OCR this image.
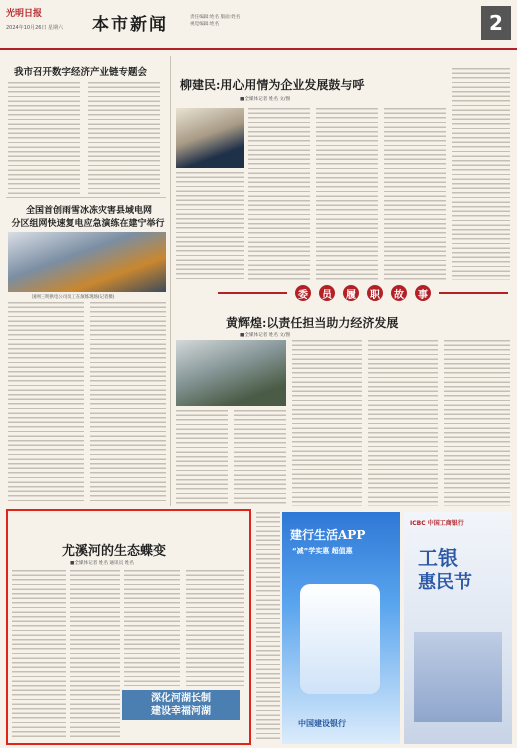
光明日报
2024年10月26日 星期六 本市新闻	责任编辑:姓名 版面:姓名
视觉编辑:姓名	2
我市召开数字经济产业链专题会
全国首创雨雪冰冻灾害县域电网
分区组网快速复电应急演练在建宁举行
国网三明供电公司员工在演练现场(记者摄)
柳建民:用心用情为企业发展鼓与呼
■全媒体记者 姓名 文/图
委	员	履	职	故	事
黄辉煌:以责任担当助力经济发展
■全媒体记者 姓名 文/图
尤溪河的生态蝶变
■全媒体记者 姓名 通讯员 姓名
深化河湖长制
建设幸福河湖
建行生活APP
“减”学实惠 超值惠
中国建设银行
ICBC 中国工商银行
工银
惠民节
